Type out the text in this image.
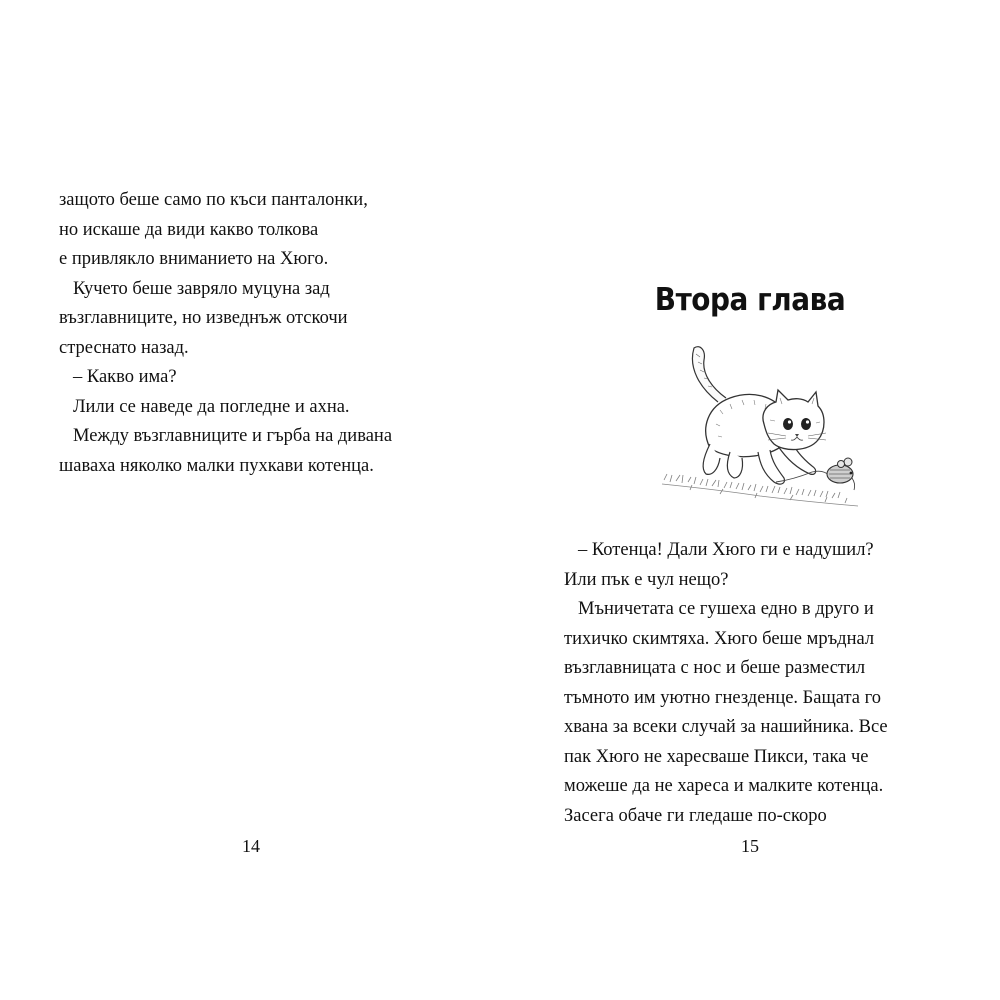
защото беше само по къси панталонки,
но искаше да види какво толкова
е привлякло вниманието на Хюго.
Кучето беше завряло муцуна зад
възглавниците, но изведнъж отскочи
стреснато назад.
– Какво има?
Лили се наведе да погледне и ахна.
Между възглавниците и гърба на дивана
шаваха няколко малки пухкави котенца.
14
Втора глава
– Котенца! Дали Хюго ги е надушил?
Или пък е чул нещо?
Мъничетата се гушеха едно в друго и
тихичко скимтяха. Хюго беше мръднал
възглавницата с нос и беше разместил
тъмното им уютно гнезденце. Бащата го
хвана за всеки случай за нашийника. Все
пак Хюго не харесваше Пикси, така че
можеше да не хареса и малките котенца.
Засега обаче ги гледаше по-скоро
15
